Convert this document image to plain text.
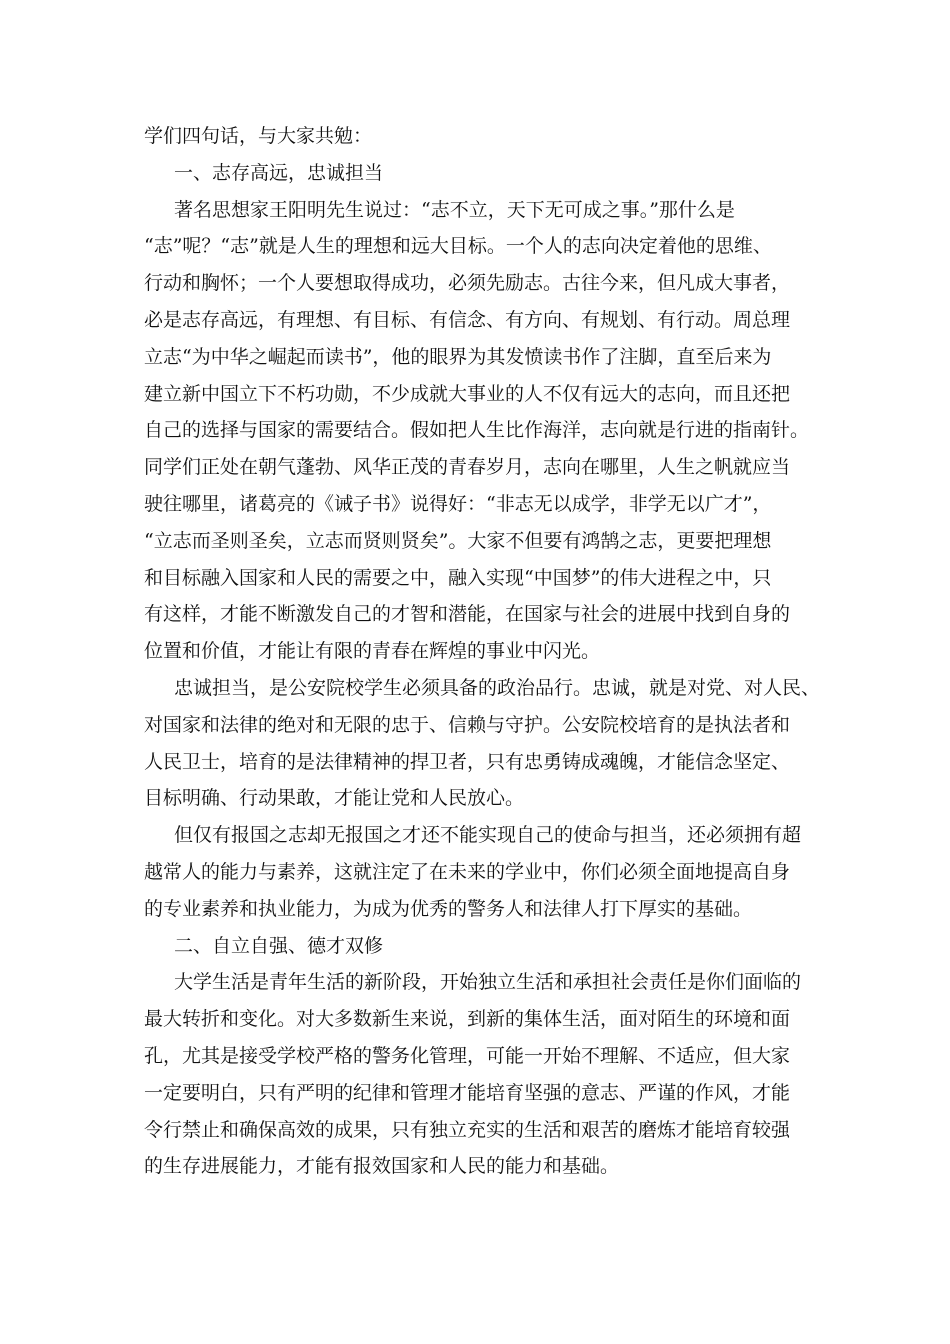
学们四句话，与大家共勉：
一、志存高远，忠诚担当
著名思想家王阳明先生说过：“志不立，天下无可成之事。”那什么是
“志”呢？“志”就是人生的理想和远大目标。一个人的志向决定着他的思维、
行动和胸怀；一个人要想取得成功，必须先励志。古往今来，但凡成大事者，
必是志存高远，有理想、有目标、有信念、有方向、有规划、有行动。周总理
立志“为中华之崛起而读书”，他的眼界为其发愤读书作了注脚，直至后来为
建立新中国立下不朽功勋，不少成就大事业的人不仅有远大的志向，而且还把
自己的选择与国家的需要结合。假如把人生比作海洋，志向就是行进的指南针。
同学们正处在朝气蓬勃、风华正茂的青春岁月，志向在哪里，人生之帆就应当
驶往哪里，诸葛亮的《诫子书》说得好：“非志无以成学，非学无以广才”，
“立志而圣则圣矣，立志而贤则贤矣”。大家不但要有鸿鹄之志，更要把理想
和目标融入国家和人民的需要之中，融入实现“中国梦”的伟大进程之中，只
有这样，才能不断激发自己的才智和潜能，在国家与社会的进展中找到自身的
位置和价值，才能让有限的青春在辉煌的事业中闪光。
忠诚担当，是公安院校学生必须具备的政治品行。忠诚，就是对党、对人民、
对国家和法律的绝对和无限的忠于、信赖与守护。公安院校培育的是执法者和
人民卫士，培育的是法律精神的捍卫者，只有忠勇铸成魂魄，才能信念坚定、
目标明确、行动果敢，才能让党和人民放心。
但仅有报国之志却无报国之才还不能实现自己的使命与担当，还必须拥有超
越常人的能力与素养，这就注定了在未来的学业中，你们必须全面地提高自身
的专业素养和执业能力，为成为优秀的警务人和法律人打下厚实的基础。
二、自立自强、德才双修
大学生活是青年生活的新阶段，开始独立生活和承担社会责任是你们面临的
最大转折和变化。对大多数新生来说，到新的集体生活，面对陌生的环境和面
孔，尤其是接受学校严格的警务化管理，可能一开始不理解、不适应，但大家
一定要明白，只有严明的纪律和管理才能培育坚强的意志、严谨的作风，才能
令行禁止和确保高效的成果，只有独立充实的生活和艰苦的磨炼才能培育较强
的生存进展能力，才能有报效国家和人民的能力和基础。
